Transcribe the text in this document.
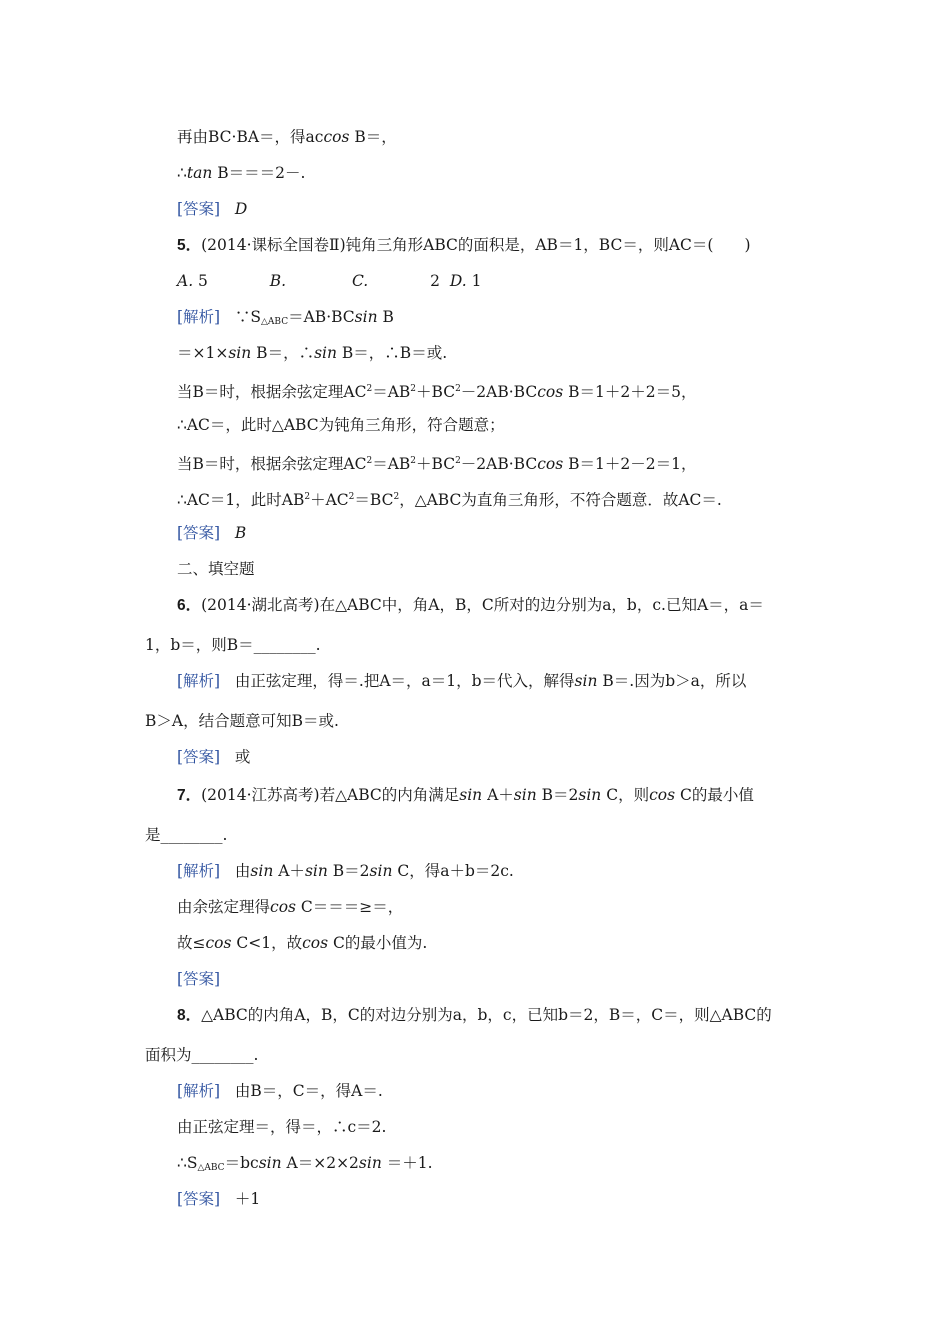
再由BC·BA＝，得accos B＝，
∴tan B＝＝＝2－.
[答案] D
5．(2014·课标全国卷Ⅱ)钝角三角形ABC的面积是，AB＝1，BC＝，则AC＝(　　)
A. 5	B.	C.	2 D. 1
[解析] $\because S_{\triangle ABC}=AB\cdot BCsin$ B
＝×1×sin B＝，∴sin B＝，∴B＝或.
当B＝时，根据余弦定理$AC^2=AB^2+BC^2-2AB\cdot BCcos$ B＝1＋2＋2＝5，
∴AC＝，此时△ABC为钝角三角形，符合题意；
当B＝时，根据余弦定理$AC^2=AB^2+BC^2-2AB\cdot BCcos$ B＝1＋2－2＝1，
∴AC＝1，此时$AB^2+AC^2=BC^2$，△ABC为直角三角形，不符合题意．故AC＝.
[答案] B
二、填空题
6．(2014·湖北高考)在△ABC中，角A，B，C所对的边分别为a，b，c.已知A＝，a＝
1，b＝，则B＝________.
[解析] 由正弦定理，得＝.把A＝，a＝1，b＝代入，解得sin B＝.因为b＞a，所以
B＞A，结合题意可知B＝或.
[答案] 或
7．(2014·江苏高考)若△ABC的内角满足sin A＋sin B＝2sin C，则cos C的最小值
是________.
[解析] 由sin A＋sin B＝2sin C，得a＋b＝2c.
由余弦定理得cos C＝＝＝≥＝，
故≤cos C<1，故cos C的最小值为.
[答案]
8．△ABC的内角A，B，C的对边分别为a，b，c，已知b＝2，B＝，C＝，则△ABC的
面积为________.
[解析] 由B＝，C＝，得A＝.
由正弦定理＝，得＝，∴c＝2.
$\therefore S_{\triangle ABC}=bcsin$ A＝×2×2sin ＝＋1.
[答案] ＋1
